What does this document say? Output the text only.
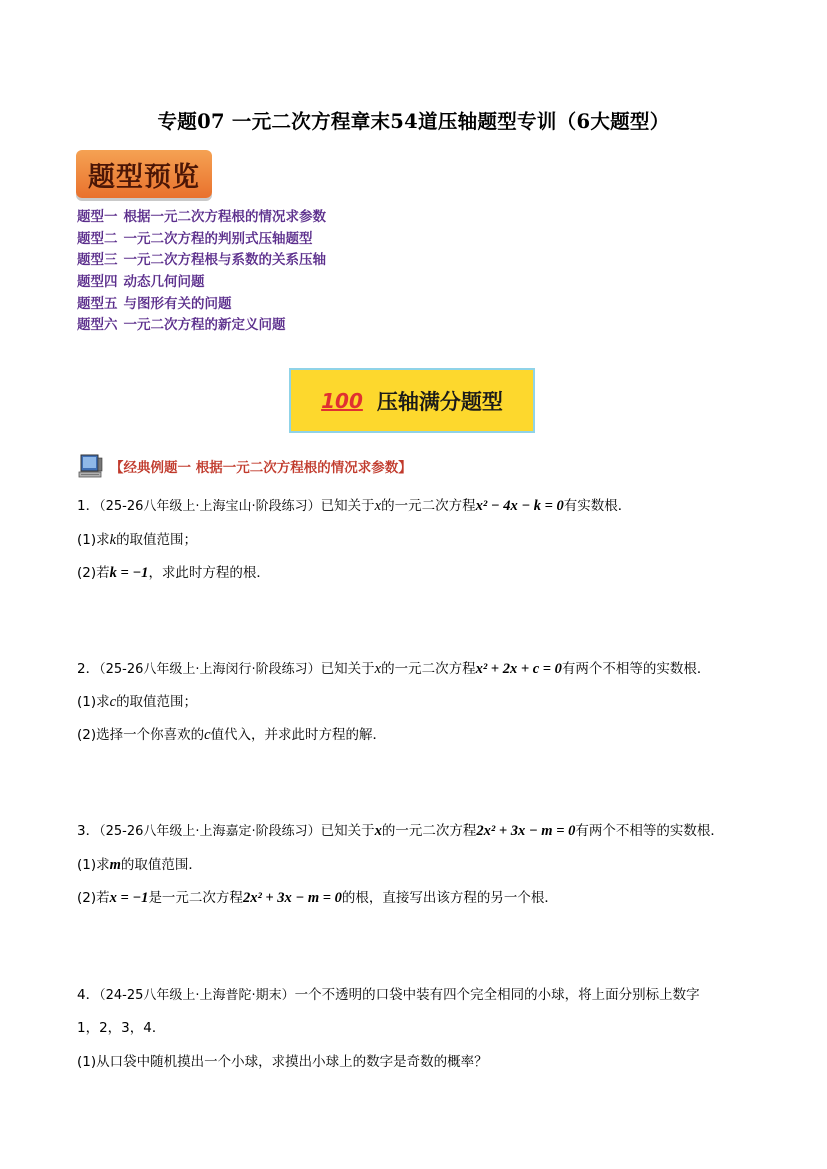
专题07 一元二次方程章末54道压轴题型专训（6大题型）
题型预览
题型一 根据一元二次方程根的情况求参数
题型二 一元二次方程的判别式压轴题型
题型三 一元二次方程根与系数的关系压轴
题型四 动态几何问题
题型五 与图形有关的问题
题型六 一元二次方程的新定义问题
100 压轴满分题型
【经典例题一 根据一元二次方程根的情况求参数】
1．（25-26八年级上·上海宝山·阶段练习）已知关于x的一元二次方程x² − 4x − k = 0有实数根．
(1)求k的取值范围；
(2)若k = −1，求此时方程的根．
2．（25-26八年级上·上海闵行·阶段练习）已知关于x的一元二次方程x² + 2x + c = 0有两个不相等的实数根．
(1)求c的取值范围；
(2)选择一个你喜欢的c值代入，并求此时方程的解．
3．（25-26八年级上·上海嘉定·阶段练习）已知关于x的一元二次方程2x² + 3x − m = 0有两个不相等的实数根．
(1)求m的取值范围．
(2)若x = −1是一元二次方程2x² + 3x − m = 0的根，直接写出该方程的另一个根．
4．（24-25八年级上·上海普陀·期末）一个不透明的口袋中装有四个完全相同的小球，将上面分别标上数字
1，2，3，4．
(1)从口袋中随机摸出一个小球，求摸出小球上的数字是奇数的概率？
